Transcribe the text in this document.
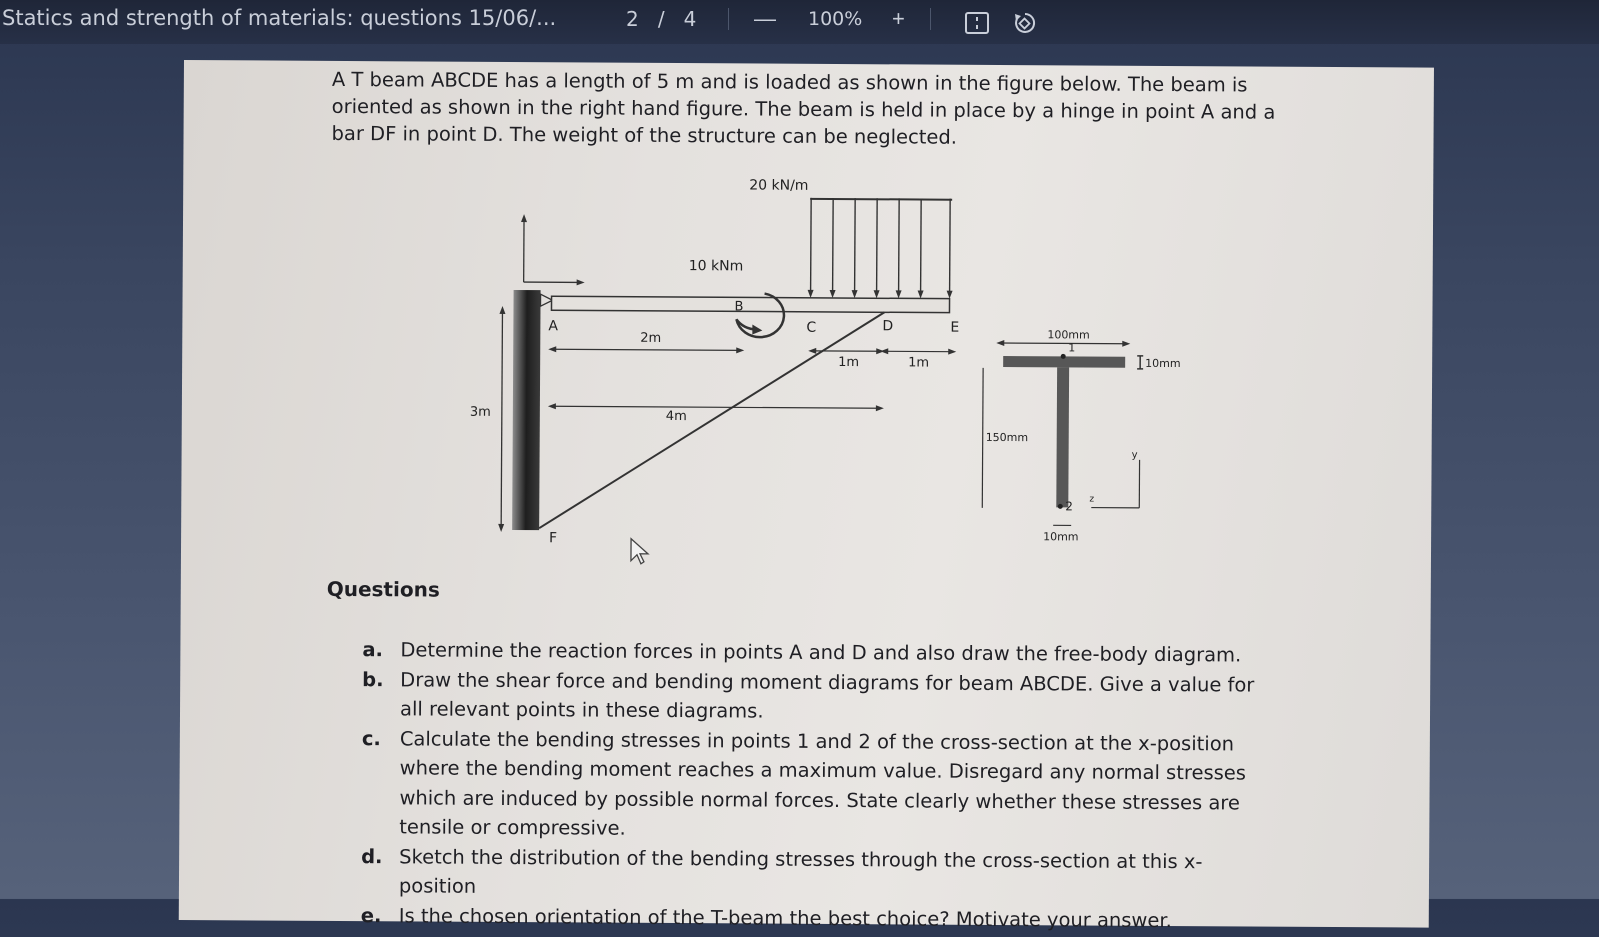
Statics and strength of materials: questions 15/06/...	2 / 4	— 100% +
A T beam ABCDE has a length of 5 m and is loaded as shown in the figure below. The beam is oriented as shown in the right hand figure. The beam is held in place by a hinge in point A and a bar DF in point D. The weight of the structure can be neglected.
3m
20 kN/m
10 kNm
A
B
C	D	E
F
2m
4m
1m	1m
100mm
1
2
10mm
150mm
10mm
y
z
Questions
a. Determine the reaction forces in points A and D and also draw the free-body diagram.
b. Draw the shear force and bending moment diagrams for beam ABCDE. Give a value for all relevant points in these diagrams.
c. Calculate the bending stresses in points 1 and 2 of the cross-section at the x-position where the bending moment reaches a maximum value. Disregard any normal stresses which are induced by possible normal forces. State clearly whether these stresses are tensile or compressive.
d. Sketch the distribution of the bending stresses through the cross-section at this x-position
e. Is the chosen orientation of the T-beam the best choice? Motivate your answer.
